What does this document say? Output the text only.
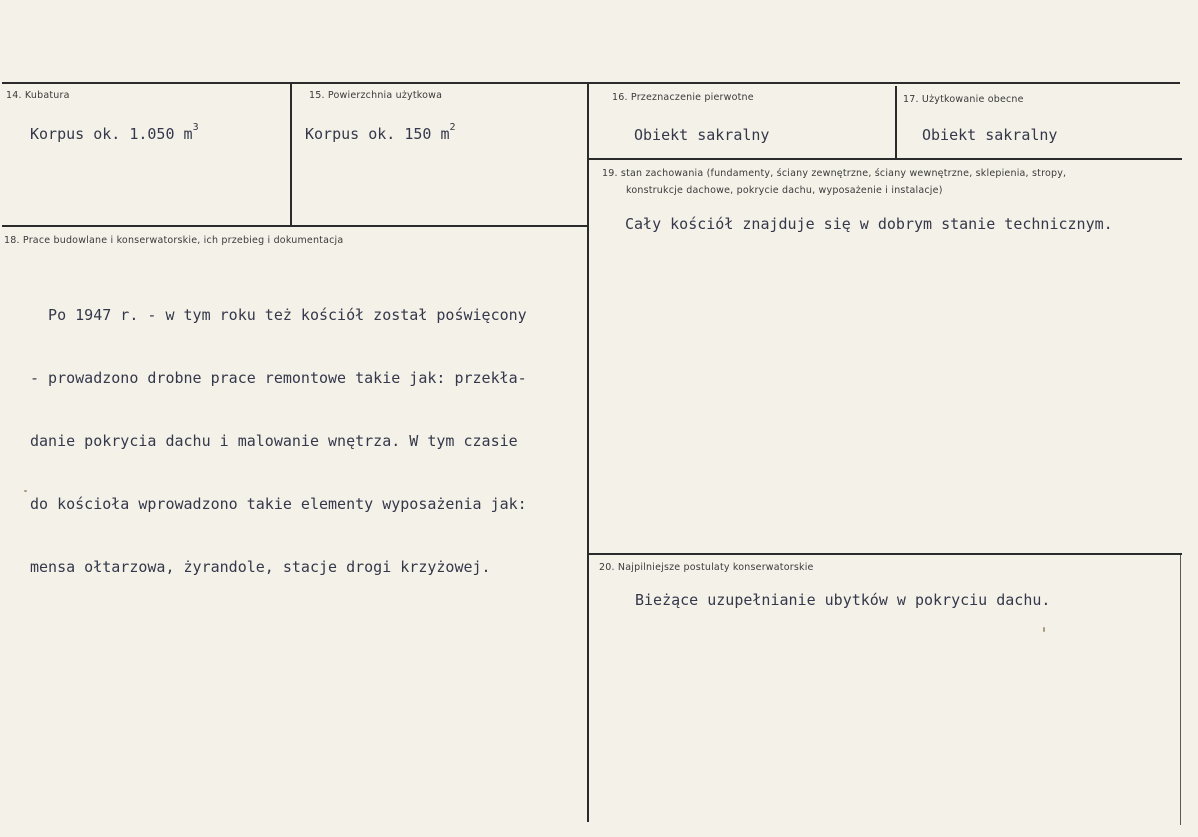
14. Kubatura
Korpus ok. 1.050 $m^3$
15. Powierzchnia użytkowa
Korpus ok. 150 $m^2$
16. Przeznaczenie pierwotne
Obiekt sakralny
17. Użytkowanie obecne
Obiekt sakralny
18. Prace budowlane i konserwatorskie, ich przebieg i dokumentacja

Po 1947 r. - w tym roku też kościół został poświęcony

- prowadzono drobne prace remontowe takie jak: przekła-

danie pokrycia dachu i malowanie wnętrza. W tym czasie

do kościoła wprowadzono takie elementy wyposażenia jak:

mensa ołtarzowa, żyrandole, stacje drogi krzyżowej.

19. stan zachowania (fundamenty, ściany zewnętrzne, ściany wewnętrzne, sklepienia, stropy,
konstrukcje dachowe, pokrycie dachu, wyposażenie i instalacje)
Cały kościół znajduje się w dobrym stanie technicznym.
20. Najpilniejsze postulaty konserwatorskie
Bieżące uzupełnianie ubytków w pokryciu dachu.
